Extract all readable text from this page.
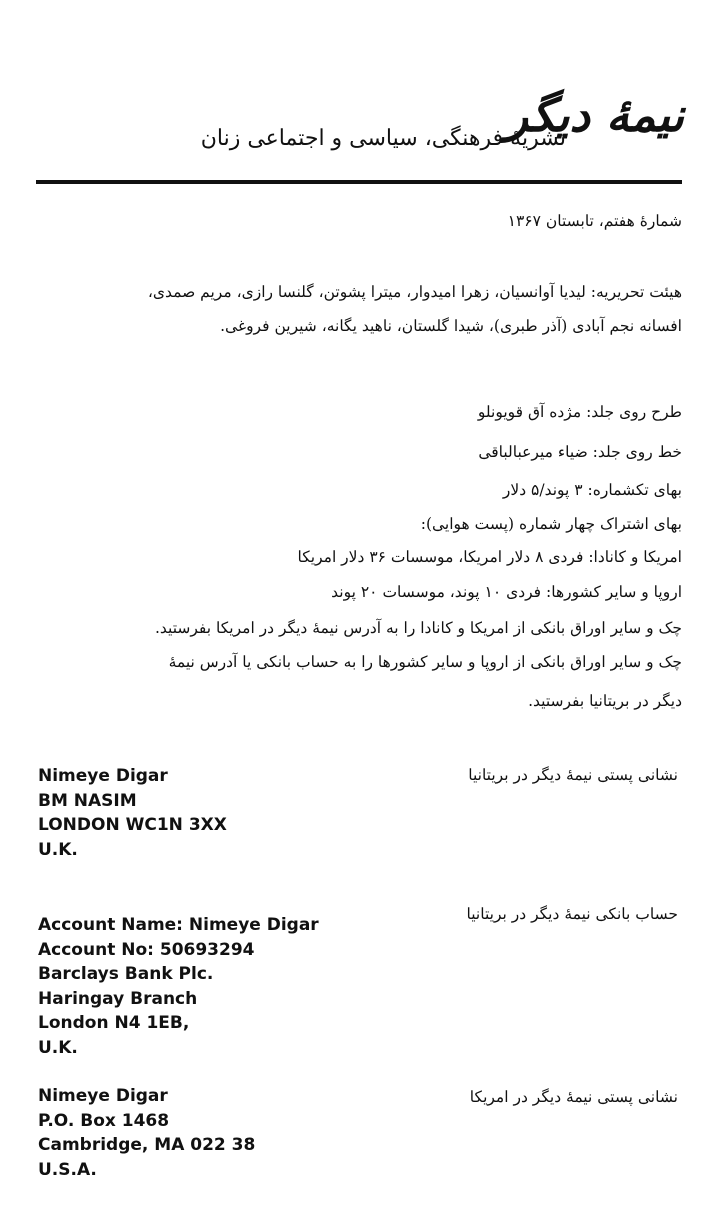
نیمهٔ دیگر
نشریهٔ فرهنگی، سیاسی و اجتماعی زنان
شمارهٔ هفتم، تابستان ۱۳۶۷
هیئت تحریریه: لیدیا آوانسیان، زهرا امیدوار، میترا پشوتن، گلنسا رازی، مریم صمدی،
افسانه نجم آبادی (آذر طبری)، شیدا گلستان، ناهید یگانه، شیرین فروغی.
طرح روی جلد: مژده آق قویونلو
خط روی جلد: ضیاء میرعبالباقی
بهای تکشماره: ۳ پوند/۵ دلار
بهای اشتراک چهار شماره (پست هوایی):
امریکا و کانادا: فردی ۸ دلار امریکا، موسسات ۳۶ دلار امریکا
اروپا و سایر کشورها: فردی ۱۰ پوند، موسسات ۲۰ پوند
چک و سایر اوراق بانکی از امریکا و کانادا را به آدرس نیمهٔ دیگر در امریکا بفرستید.
چک و سایر اوراق بانکی از اروپا و سایر کشورها را به حساب بانکی یا آدرس نیمهٔ
دیگر در بریتانیا بفرستید.
Nimeye Digar
BM NASIM
LONDON WC1N 3XX
U.K.
نشانی پستی نیمهٔ دیگر در بریتانیا
Account Name: Nimeye Digar
Account No: 50693294
Barclays Bank Plc.
Haringay Branch
London N4 1EB,
U.K.
حساب بانکی نیمهٔ دیگر در بریتانیا
Nimeye Digar
P.O. Box 1468
Cambridge, MA 022 38
U.S.A.
نشانی پستی نیمهٔ دیگر در امریکا
